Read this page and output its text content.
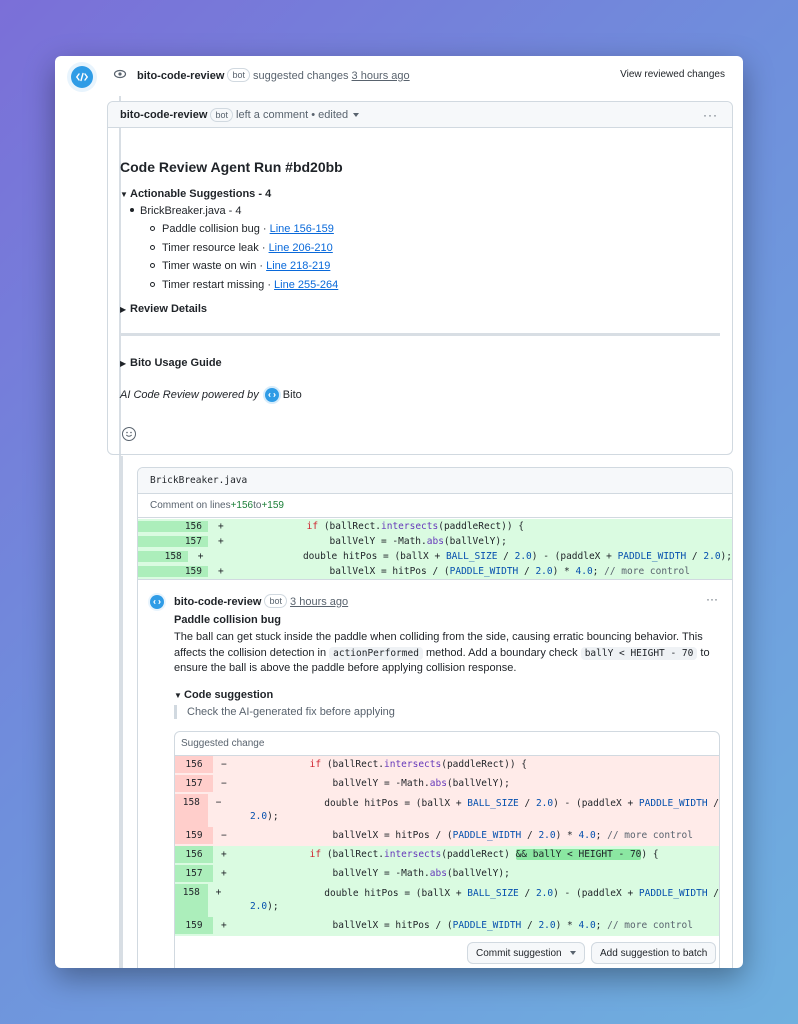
bito-code-review bot suggested changes 3 hours ago	View reviewed changes
bito-code-review
bot
left a comment • edited	···
Code Review Agent Run #bd20bb
▼ Actionable Suggestions - 4
BrickBreaker.java - 4
Paddle collision bug · Line 156-159
Timer resource leak · Line 206-210
Timer waste on win · Line 218-219
Timer restart missing · Line 255-264
▶ Review Details
▶ Bito Usage Guide
AI Code Review powered by Bito
BrickBreaker.java
Comment on lines +156 to +159
156	+	if (ballRect.intersects(paddleRect)) {
157	+	ballVelY = -Math.abs(ballVelY);
158	+ double hitPos = (ballX + BALL_SIZE / 2.0) - (paddleX + PADDLE_WIDTH / 2.0);
159	+	ballVelX = hitPos / (PADDLE_WIDTH / 2.0) * 4.0; // more control
bito-code-review bot 3 hours ago	···
Paddle collision bug
The ball can get stuck inside the paddle when colliding from the side, causing erratic bouncing behavior. This affects the collision detection in actionPerformed method. Add a boundary check ballY < HEIGHT - 70 to ensure the ball is above the paddle before applying collision response.
▼ Code suggestion
Check the AI-generated fix before applying
Suggested change
156	−	if (ballRect.intersects(paddleRect)) {
157	−	ballVelY = -Math.abs(ballVelY);
158	−	double hitPos = (ballX + BALL_SIZE / 2.0) - (paddleX + PADDLE_WIDTH /
2.0);
159	−	ballVelX = hitPos / (PADDLE_WIDTH / 2.0) * 4.0; // more control
156	+	if (ballRect.intersects(paddleRect) && ballY < HEIGHT - 70) {
157	+	ballVelY = -Math.abs(ballVelY);
158	+	double hitPos = (ballX + BALL_SIZE / 2.0) - (paddleX + PADDLE_WIDTH /
2.0);
159	+	ballVelX = hitPos / (PADDLE_WIDTH / 2.0) * 4.0; // more control
Commit suggestion	Add suggestion to batch
